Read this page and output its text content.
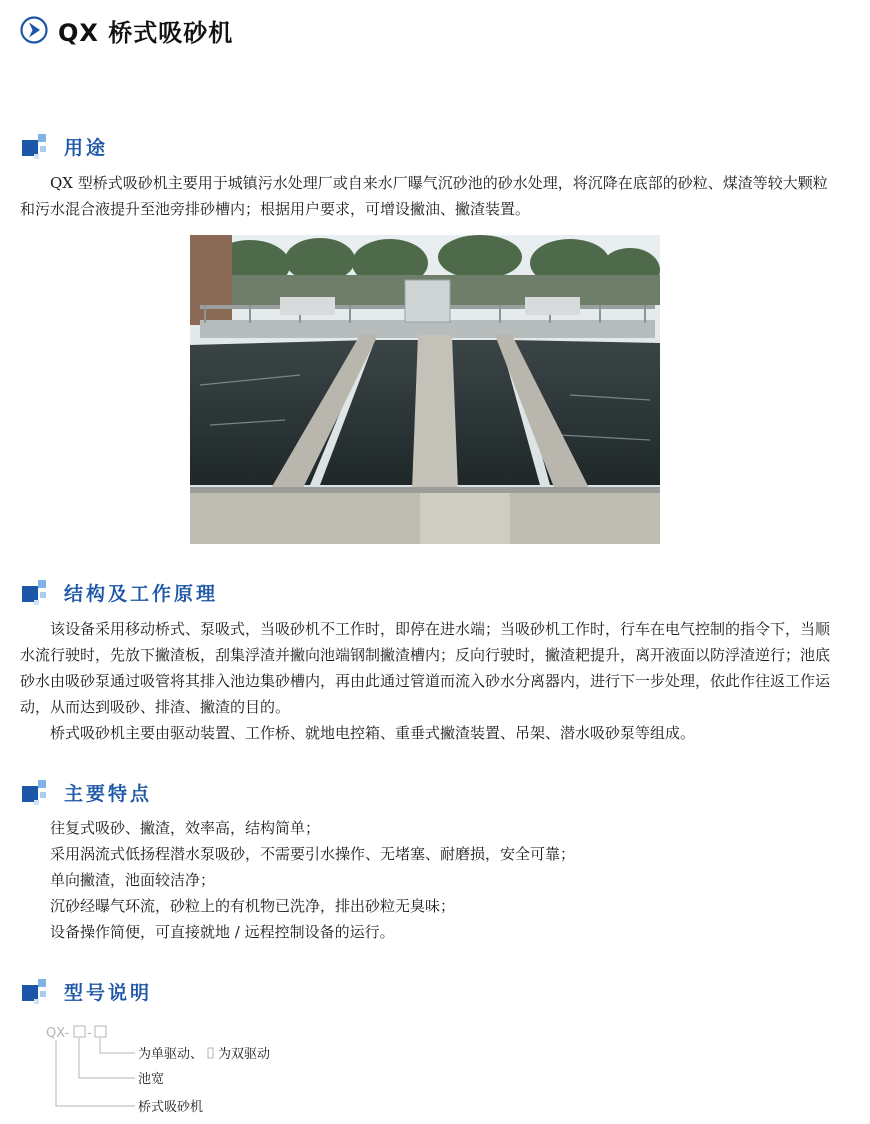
QX 桥式吸砂机
用途

QX 型桥式吸砂机主要用于城镇污水处理厂或自来水厂曝气沉砂池的砂水处理，将沉降在底部的砂粒、煤渣等较大颗粒和污水混合液提升至池旁排砂槽内；根据用户要求，可增设撇油、撇渣装置。

结构及工作原理

该设备采用移动桥式、泵吸式，当吸砂机不工作时，即停在进水端；当吸砂机工作时，行车在电气控制的指令下，当顺水流行驶时，先放下撇渣板，刮集浮渣并撇向池端钢制撇渣槽内；反向行驶时，撇渣耙提升，离开液面以防浮渣逆行；池底砂水由吸砂泵通过吸管将其排入池边集砂槽内，再由此通过管道而流入砂水分离器内，进行下一步处理，依此作往返工作运动，从而达到吸砂、排渣、撇渣的目的。

桥式吸砂机主要由驱动装置、工作桥、就地电控箱、重垂式撇渣装置、吊架、潜水吸砂泵等组成。

主要特点
往复式吸砂、撇渣，效率高，结构简单；
采用涡流式低扬程潜水泵吸砂，不需要引水操作、无堵塞、耐磨损，安全可靠；
单向撇渣，池面较洁净；
沉砂经曝气环流，砂粒上的有机物已洗净，排出砂粒无臭味；
设备操作简便，可直接就地 / 远程控制设备的运行。
型号说明
QX- -
为单驱动、 为双驱动
池宽
桥式吸砂机
